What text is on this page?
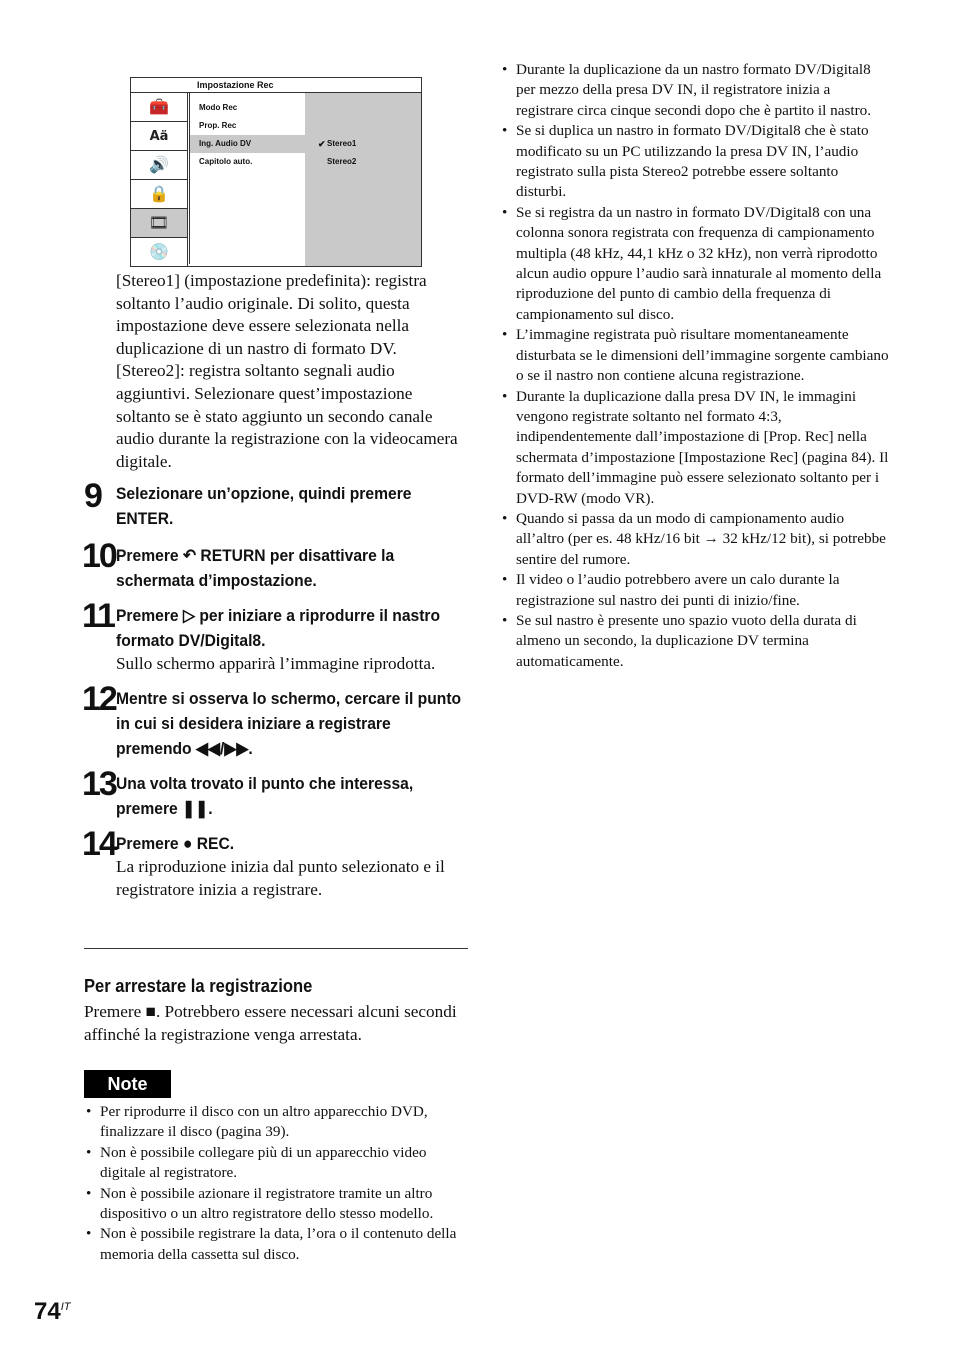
Impostazione Rec
🧰
Aä
🔊
🔒
🎞
💿
Modo Rec
Prop. Rec
Ing. Audio DV
Capitolo auto.
✔ Stereo1
Stereo2

[Stereo1] (impostazione predefinita): registra soltanto l’audio originale. Di solito, questa impostazione deve essere selezionata nella duplicazione di un nastro di formato DV.

[Stereo2]: registra soltanto segnali audio aggiuntivi. Selezionare quest’impostazione soltanto se è stato aggiunto un secondo canale audio durante la registrazione con la videocamera digitale.

9 Selezionare un’opzione, quindi premere ENTER.
10 Premere ↶ RETURN per disattivare la schermata d’impostazione.
11 Premere ▷ per iniziare a riprodurre il nastro formato DV/Digital8.
Sullo schermo apparirà l’immagine riprodotta.
12 Mentre si osserva lo schermo, cercare il punto in cui si desidera iniziare a registrare premendo ◀◀/▶▶.
13 Una volta trovato il punto che interessa, premere ❚❚.
14 Premere ● REC.
La riproduzione inizia dal punto selezionato e il registratore inizia a registrare.
Per arrestare la registrazione
Premere ■. Potrebbero essere necessari alcuni secondi affinché la registrazione venga arrestata.
Note
• Per riprodurre il disco con un altro apparecchio DVD, finalizzare il disco (pagina 39).
• Non è possibile collegare più di un apparecchio video digitale al registratore.
• Non è possibile azionare il registratore tramite un altro dispositivo o un altro registratore dello stesso modello.
• Non è possibile registrare la data, l’ora o il contenuto della memoria della cassetta sul disco.
• Durante la duplicazione da un nastro formato DV/Digital8 per mezzo della presa DV IN, il registratore inizia a registrare circa cinque secondi dopo che è partito il nastro.
• Se si duplica un nastro in formato DV/Digital8 che è stato modificato su un PC utilizzando la presa DV IN, l’audio registrato sulla pista Stereo2 potrebbe essere soltanto disturbi.
• Se si registra da un nastro in formato DV/Digital8 con una colonna sonora registrata con frequenza di campionamento multipla (48 kHz, 44,1 kHz o 32 kHz), non verrà riprodotto alcun audio oppure l’audio sarà innaturale al momento della riproduzione del punto di cambio della frequenza di campionamento sul disco.
• L’immagine registrata può risultare momentaneamente disturbata se le dimensioni dell’immagine sorgente cambiano o se il nastro non contiene alcuna registrazione.
• Durante la duplicazione dalla presa DV IN, le immagini vengono registrate soltanto nel formato 4:3, indipendentemente dall’impostazione di [Prop. Rec] nella schermata d’impostazione [Impostazione Rec] (pagina 84). Il formato dell’immagine può essere selezionato soltanto per i DVD-RW (modo VR).
• Quando si passa da un modo di campionamento audio all’altro (per es. 48 kHz/16 bit → 32 kHz/12 bit), si potrebbe sentire del rumore.
• Il video o l’audio potrebbero avere un calo durante la registrazione sul nastro dei punti di inizio/fine.
• Se sul nastro è presente uno spazio vuoto della durata di almeno un secondo, la duplicazione DV termina automaticamente.
$74^{IT}$
